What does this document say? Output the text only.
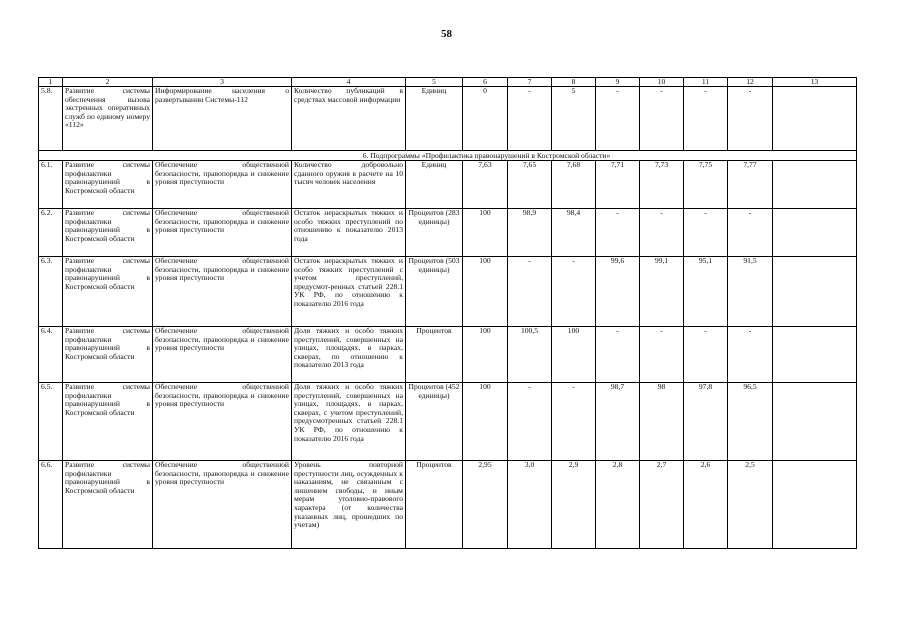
58
1	2	3	4	5	6	7	8	9	10	11	12	13
5.8.	Развитие системы обеспечения вызова экстренных оперативных служб по единому номеру «112»	Информирование населения о развертывании Системы-112	Количество публикаций в средствах массовой информации	Единиц	0	-	5	-	-	-	-	
6. Подпрограммы «Профилактика правонарушений в Костромской области»												
6.1.	Развитие системы профилактики правонарушений в Костромской области	Обеспечение общественной безопасности, правопорядка и снижение уровня преступности	Количество добровольно сданного оружия в расчете на 10 тысяч человек населения	Единиц	7,63	7,65	7,68	7,71	7,73	7,75	7,77	
6.2.	Развитие системы профилактики правонарушений в Костромской области	Обеспечение общественной безопасности, правопорядка и снижение уровня преступности	Остаток нераскрытых тяжких и особо тяжких преступлений по отношению к показателю 2013 года	Процентов (283 единицы)	100	98,9	98,4	-	-	-	-	
6.3.	Развитие системы профилактики правонарушений в Костромской области	Обеспечение общественной безопасности, правопорядка и снижение уровня преступности	Остаток нераскрытых тяжких и особо тяжких преступлений с учетом преступлений, предусмот-ренных статьей 228.1 УК РФ, по отношению к показателю 2016 года	Процентов (503 единицы)	100	-	-	99,6	99,1	95,1	91,5	
6.4.	Развитие системы профилактики правонарушений в Костромской области	Обеспечение общественной безопасности, правопорядка и снижение уровня преступности	Доля тяжких и особо тяжких преступлений, совершенных на улицах, площадях, в парках, скверах, по отношению к показателю 2013 года	Процентов	100	100,5	100	-	-	-	-	
6.5.	Развитие системы профилактики правонарушений в Костромской области	Обеспечение общественной безопасности, правопорядка и снижение уровня преступности	Доля тяжких и особо тяжких преступлений, совершенных на улицах, площадях, в парках, скверах, с учетом преступлений, предусмотренных статьей 228.1 УК РФ, по отношению к показателю 2016 года	Процентов (452 единицы)	100	-	-	98,7	98	97,8	96,5	
6.6.	Развитие системы профилактики правонарушений в Костромской области	Обеспечение общественной безопасности, правопорядка и снижение уровня преступности	Уровень повторной преступности лиц, осужденных к наказаниям, не связанным с лишением свободы, и иным мерам уголовно-правового характера (от количества указанных лиц, прошедших по учетам)	Процентов	2,95	3,0	2,9	2,8	2,7	2,6	2,5	
